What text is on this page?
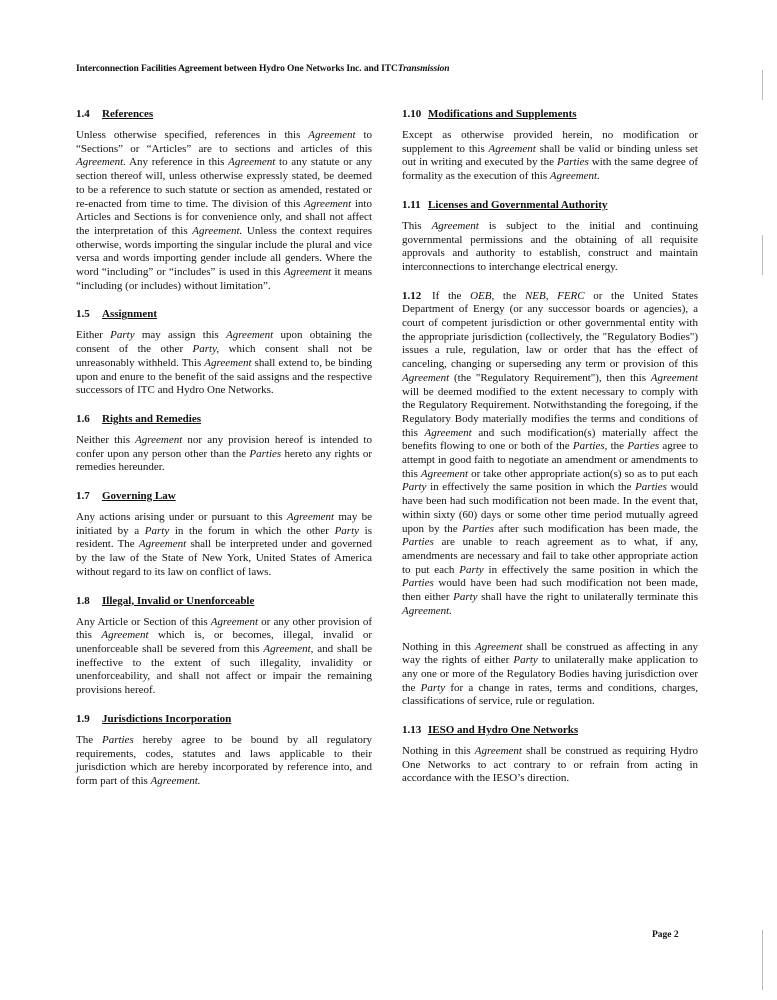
Interconnection Facilities Agreement between Hydro One Networks Inc. and ITCTransmission
1.4 References

Unless otherwise specified, references in this Agreement to “Sections” or “Articles” are to sections and articles of this Agreement. Any reference in this Agreement to any statute or any section thereof will, unless otherwise expressly stated, be deemed to be a reference to such statute or section as amended, restated or re-enacted from time to time. The division of this Agreement into Articles and Sections is for convenience only, and shall not affect the interpretation of this Agreement. Unless the context requires otherwise, words importing the singular include the plural and vice versa and words importing gender include all genders. Where the word “including” or “includes” is used in this Agreement it means “including (or includes) without limitation”.

1.5 Assignment

Either Party may assign this Agreement upon obtaining the consent of the other Party, which consent shall not be unreasonably withheld. This Agreement shall extend to, be binding upon and enure to the benefit of the said assigns and the respective successors of ITC and Hydro One Networks.

1.6 Rights and Remedies

Neither this Agreement nor any provision hereof is intended to confer upon any person other than the Parties hereto any rights or remedies hereunder.

1.7 Governing Law

Any actions arising under or pursuant to this Agreement may be initiated by a Party in the forum in which the other Party is resident. The Agreement shall be interpreted under and governed by the law of the State of New York, United States of America without regard to its law on conflict of laws.

1.8 Illegal, Invalid or Unenforceable

Any Article or Section of this Agreement or any other provision of this Agreement which is, or becomes, illegal, invalid or unenforceable shall be severed from this Agreement, and shall be ineffective to the extent of such illegality, invalidity or unenforceability, and shall not affect or impair the remaining provisions hereof.

1.9 Jurisdictions Incorporation

The Parties hereby agree to be bound by all regulatory requirements, codes, statutes and laws applicable to their jurisdiction which are hereby incorporated by reference into, and form part of this Agreement.

1.10 Modifications and Supplements

Except as otherwise provided herein, no modification or supplement to this Agreement shall be valid or binding unless set out in writing and executed by the Parties with the same degree of formality as the execution of this Agreement.

1.11 Licenses and Governmental Authority

This Agreement is subject to the initial and continuing governmental permissions and the obtaining of all requisite approvals and authority to establish, construct and maintain interconnections to interchange electrical energy.

1.12 If the OEB, the NEB, FERC or the United States Department of Energy (or any successor boards or agencies), a court of competent jurisdiction or other governmental entity with the appropriate jurisdiction (collectively, the "Regulatory Bodies") issues a rule, regulation, law or order that has the effect of canceling, changing or superseding any term or provision of this Agreement (the "Regulatory Requirement"), then this Agreement will be deemed modified to the extent necessary to comply with the Regulatory Requirement. Notwithstanding the foregoing, if the Regulatory Body materially modifies the terms and conditions of this Agreement and such modification(s) materially affect the benefits flowing to one or both of the Parties, the Parties agree to attempt in good faith to negotiate an amendment or amendments to this Agreement or take other appropriate action(s) so as to put each Party in effectively the same position in which the Parties would have been had such modification not been made. In the event that, within sixty (60) days or some other time period mutually agreed upon by the Parties after such modification has been made, the Parties are unable to reach agreement as to what, if any, amendments are necessary and fail to take other appropriate action to put each Party in effectively the same position in which the Parties would have been had such modification not been made, then either Party shall have the right to unilaterally terminate this Agreement.

Nothing in this Agreement shall be construed as affecting in any way the rights of either Party to unilaterally make application to any one or more of the Regulatory Bodies having jurisdiction over the Party for a change in rates, terms and conditions, charges, classifications of service, rule or regulation.

1.13 IESO and Hydro One Networks

Nothing in this Agreement shall be construed as requiring Hydro One Networks to act contrary to or refrain from acting in accordance with the IESO’s direction.

Page 2
